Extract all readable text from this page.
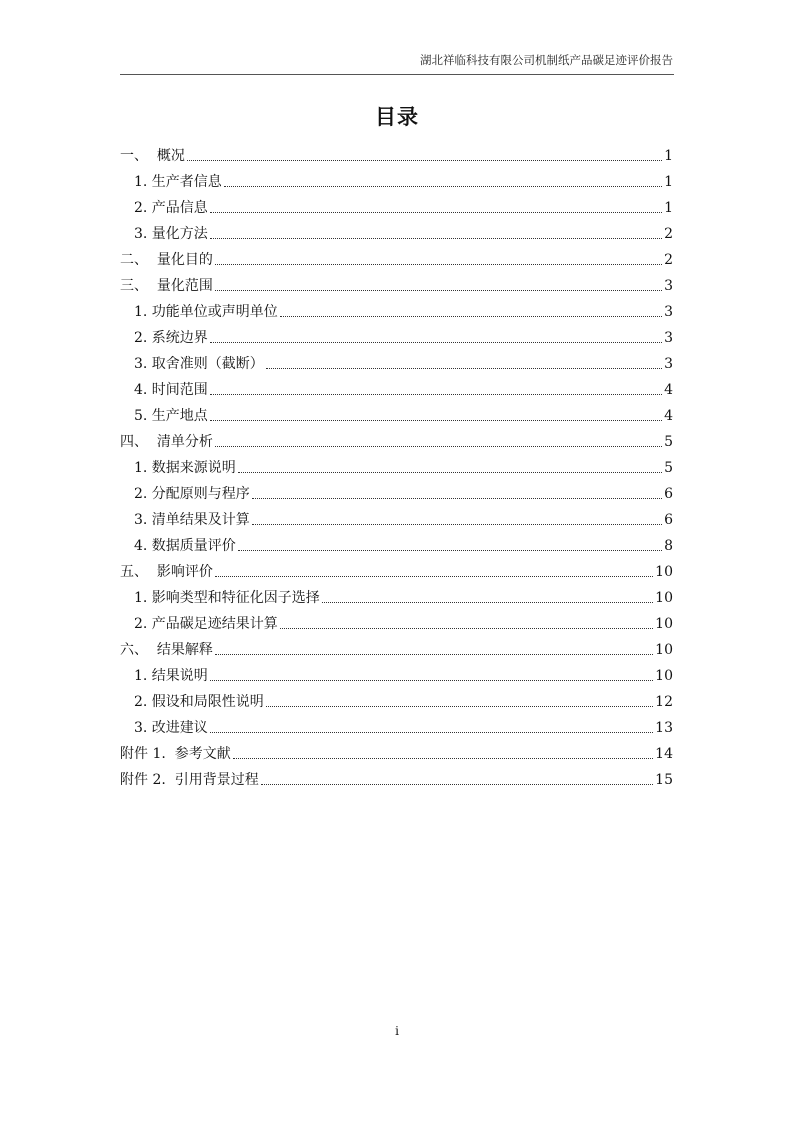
湖北祥临科技有限公司机制纸产品碳足迹评价报告
目录
一、  概况	1
1. 生产者信息	1
2. 产品信息	1
3. 量化方法	2
二、  量化目的	2
三、  量化范围	3
1. 功能单位或声明单位	3
2. 系统边界	3
3. 取舍准则（截断）	3
4. 时间范围	4
5. 生产地点	4
四、  清单分析	5
1. 数据来源说明	5
2. 分配原则与程序	6
3. 清单结果及计算	6
4. 数据质量评价	8
五、  影响评价	10
1. 影响类型和特征化因子选择	10
2. 产品碳足迹结果计算	10
六、  结果解释	10
1. 结果说明	10
2. 假设和局限性说明	12
3. 改进建议	13
附件 1.  参考文献	14
附件 2.  引用背景过程	15
i
